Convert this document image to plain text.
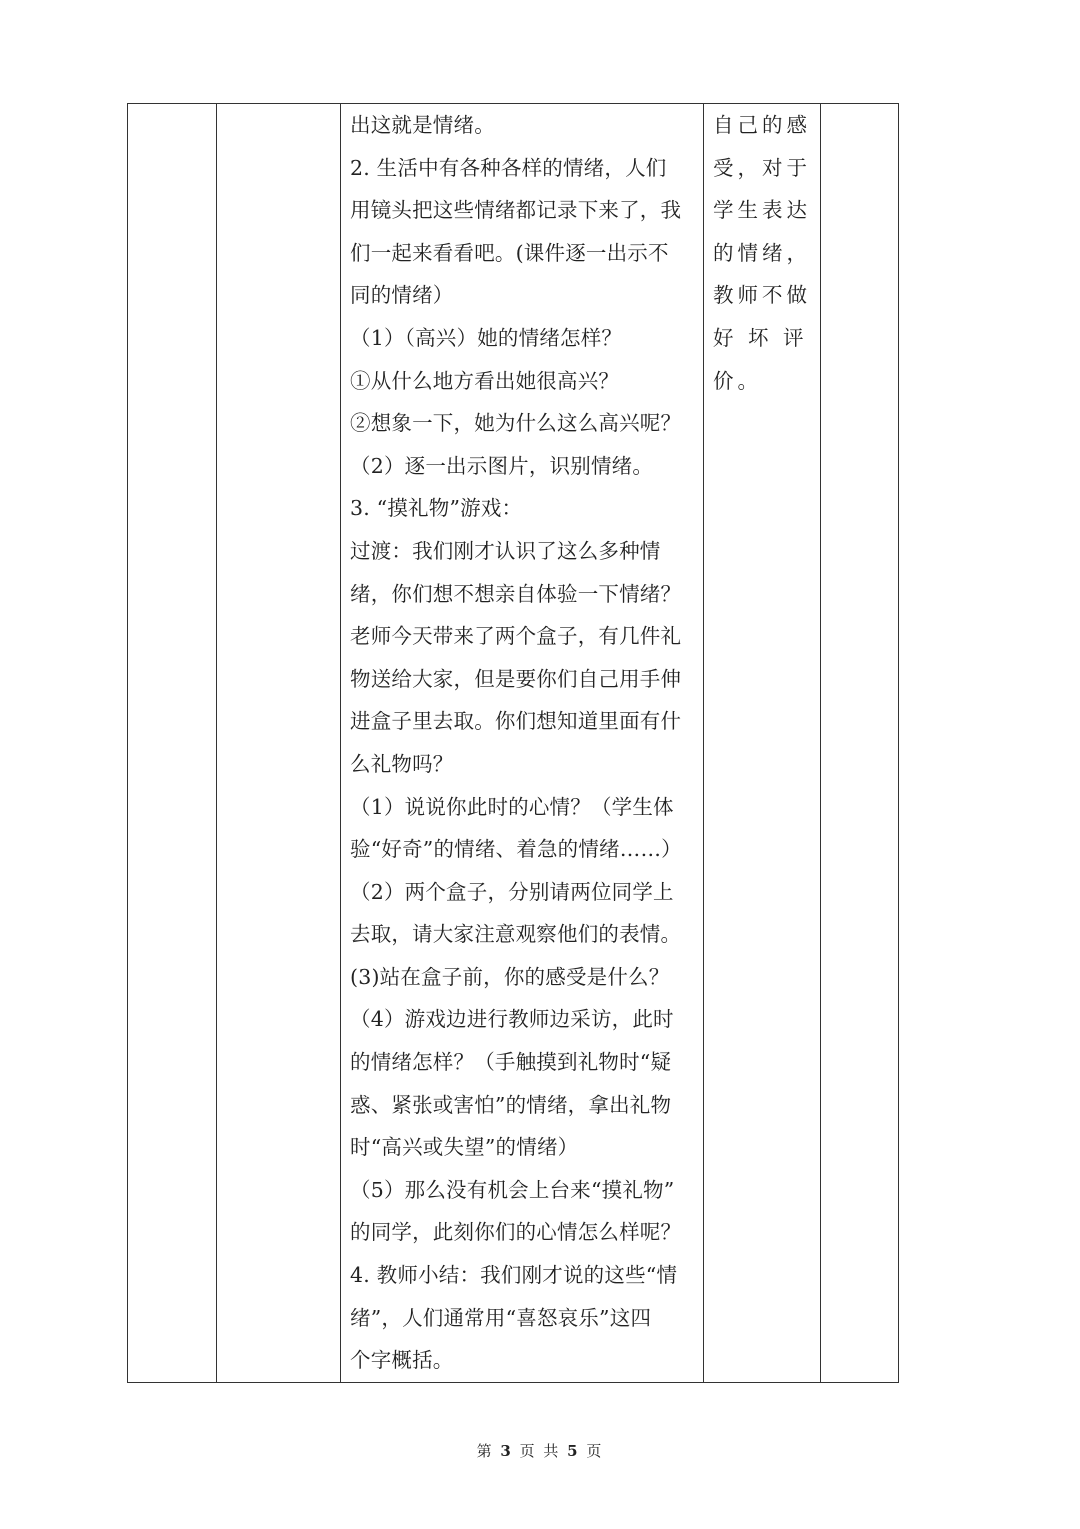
出这就是情绪。
2. 生活中有各种各样的情绪，人们
用镜头把这些情绪都记录下来了，我
们一起来看看吧。(课件逐一出示不
同的情绪）
（1）（高兴）她的情绪怎样？
①从什么地方看出她很高兴？
②想象一下，她为什么这么高兴呢？
（2）逐一出示图片，识别情绪。
3. “摸礼物”游戏：
过渡：我们刚才认识了这么多种情
绪，你们想不想亲自体验一下情绪？
老师今天带来了两个盒子，有几件礼
物送给大家，但是要你们自己用手伸
进盒子里去取。你们想知道里面有什
么礼物吗？
（1）说说你此时的心情？（学生体
验“好奇”的情绪、着急的情绪……）
（2）两个盒子，分别请两位同学上
去取，请大家注意观察他们的表情。
(3)站在盒子前，你的感受是什么？
（4）游戏边进行教师边采访，此时
的情绪怎样？（手触摸到礼物时“疑
惑、紧张或害怕”的情绪，拿出礼物
时“高兴或失望”的情绪）
（5）那么没有机会上台来“摸礼物”
的同学，此刻你们的心情怎么样呢？
4. 教师小结：我们刚才说的这些“情
绪”，人们通常用“喜怒哀乐”这四
个字概括。

自己的感
受，对于
学生表达
的情绪，
教师不做
好 坏 评
价。

第 3 页 共 5 页
